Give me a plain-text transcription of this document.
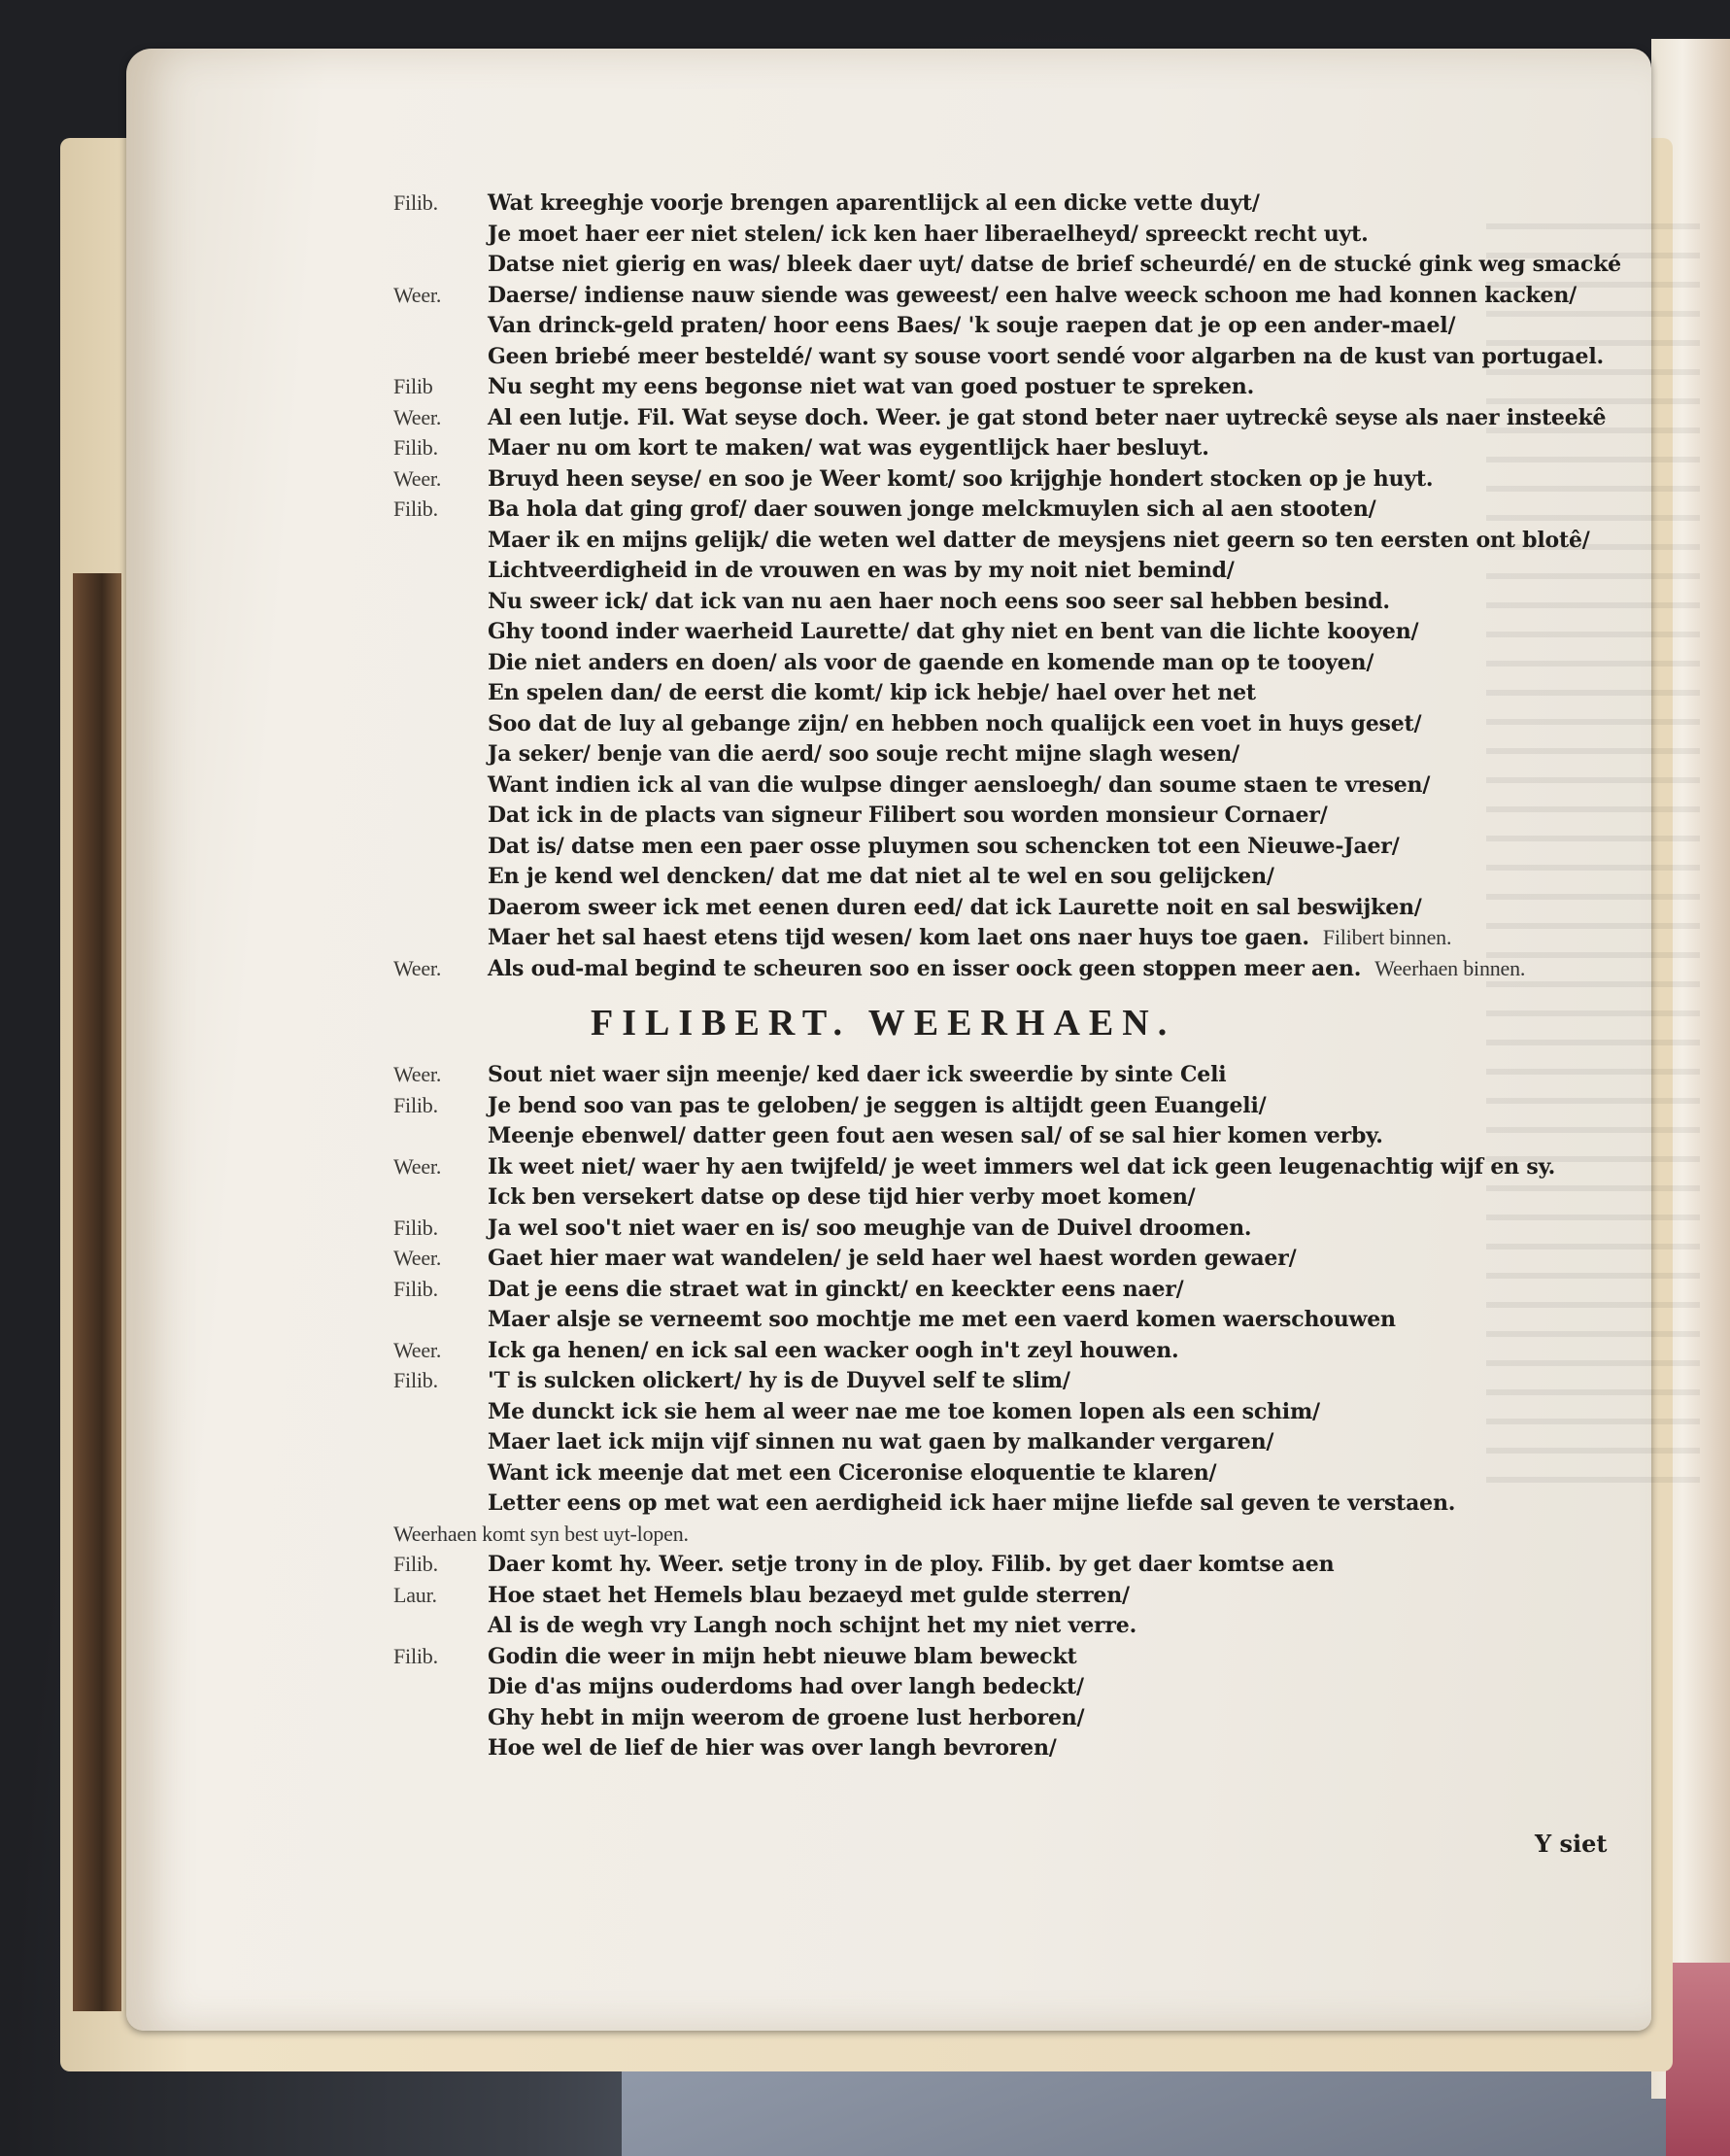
Filib.	Wat kreeghje voorje brengen aparentlijck al een dicke vette duyt/
Je moet haer eer niet stelen/ ick ken haer liberaelheyd/ spreeckt recht uyt.
Datse niet gierig en was/ bleek daer uyt/ datse de brief scheurdé/ en de stucké gink weg smacké
Weer.	Daerse/ indiense nauw siende was geweest/ een halve weeck schoon me had konnen kacken/
Van drinck-geld praten/ hoor eens Baes/ 'k souje raepen dat je op een ander-mael/
Geen briebé meer besteldé/ want sy souse voort sendé voor algarben na de kust van portugael.
Filib	Nu seght my eens begonse niet wat van goed postuer te spreken.
Weer.	Al een lutje. Fil. Wat seyse doch. Weer. je gat stond beter naer uytreckê seyse als naer insteekê
Filib.	Maer nu om kort te maken/ wat was eygentlijck haer besluyt.
Weer.	Bruyd heen seyse/ en soo je Weer komt/ soo krijghje hondert stocken op je huyt.
Filib.	Ba hola dat ging grof/ daer souwen jonge melckmuylen sich al aen stooten/
Maer ik en mijns gelijk/ die weten wel datter de meysjens niet geern so ten eersten ont blotê/
Lichtveerdigheid in de vrouwen en was by my noit niet bemind/
Nu sweer ick/ dat ick van nu aen haer noch eens soo seer sal hebben besind.
Ghy toond inder waerheid Laurette/ dat ghy niet en bent van die lichte kooyen/
Die niet anders en doen/ als voor de gaende en komende man op te tooyen/
En spelen dan/ de eerst die komt/ kip ick hebje/ hael over het net
Soo dat de luy al gebange zijn/ en hebben noch qualijck een voet in huys geset/
Ja seker/ benje van die aerd/ soo souje recht mijne slagh wesen/
Want indien ick al van die wulpse dinger aensloegh/ dan soume staen te vresen/
Dat ick in de placts van signeur Filibert sou worden monsieur Cornaer/
Dat is/ datse men een paer osse pluymen sou schencken tot een Nieuwe-Jaer/
En je kend wel dencken/ dat me dat niet al te wel en sou gelijcken/
Daerom sweer ick met eenen duren eed/ dat ick Laurette noit en sal beswijken/
Maer het sal haest etens tijd wesen/ kom laet ons naer huys toe gaen. Filibert binnen.
Weer.	Als oud-mal begind te scheuren soo en isser oock geen stoppen meer aen. Weerhaen binnen.
FILIBERT. WEERHAEN.
Weer.	Sout niet waer sijn meenje/ ked daer ick sweerdie by sinte Celi
Filib.	Je bend soo van pas te geloben/ je seggen is altijdt geen Euangeli/
Meenje ebenwel/ datter geen fout aen wesen sal/ of se sal hier komen verby.
Weer.	Ik weet niet/ waer hy aen twijfeld/ je weet immers wel dat ick geen leugenachtig wijf en sy.
Ick ben versekert datse op dese tijd hier verby moet komen/
Filib.	Ja wel soo't niet waer en is/ soo meughje van de Duivel droomen.
Weer.	Gaet hier maer wat wandelen/ je seld haer wel haest worden gewaer/
Filib.	Dat je eens die straet wat in ginckt/ en keeckter eens naer/
Maer alsje se verneemt soo mochtje me met een vaerd komen waerschouwen
Weer.	Ick ga henen/ en ick sal een wacker oogh in't zeyl houwen.
Filib.	'T is sulcken olickert/ hy is de Duyvel self te slim/
Me dunckt ick sie hem al weer nae me toe komen lopen als een schim/
Maer laet ick mijn vijf sinnen nu wat gaen by malkander vergaren/
Want ick meenje dat met een Ciceronise eloquentie te klaren/
Letter eens op met wat een aerdigheid ick haer mijne liefde sal geven te verstaen.
Weerhaen komt syn best uyt-lopen.
Filib.	Daer komt hy. Weer. setje trony in de ploy. Filib. by get daer komtse aen
Laur.	Hoe staet het Hemels blau bezaeyd met gulde sterren/
Al is de wegh vry Langh noch schijnt het my niet verre.
Filib.	Godin die weer in mijn hebt nieuwe blam beweckt
Die d'as mijns ouderdoms had over langh bedeckt/
Ghy hebt in mijn weerom de groene lust herboren/
Hoe wel de lief de hier was over langh bevroren/
Y siet
